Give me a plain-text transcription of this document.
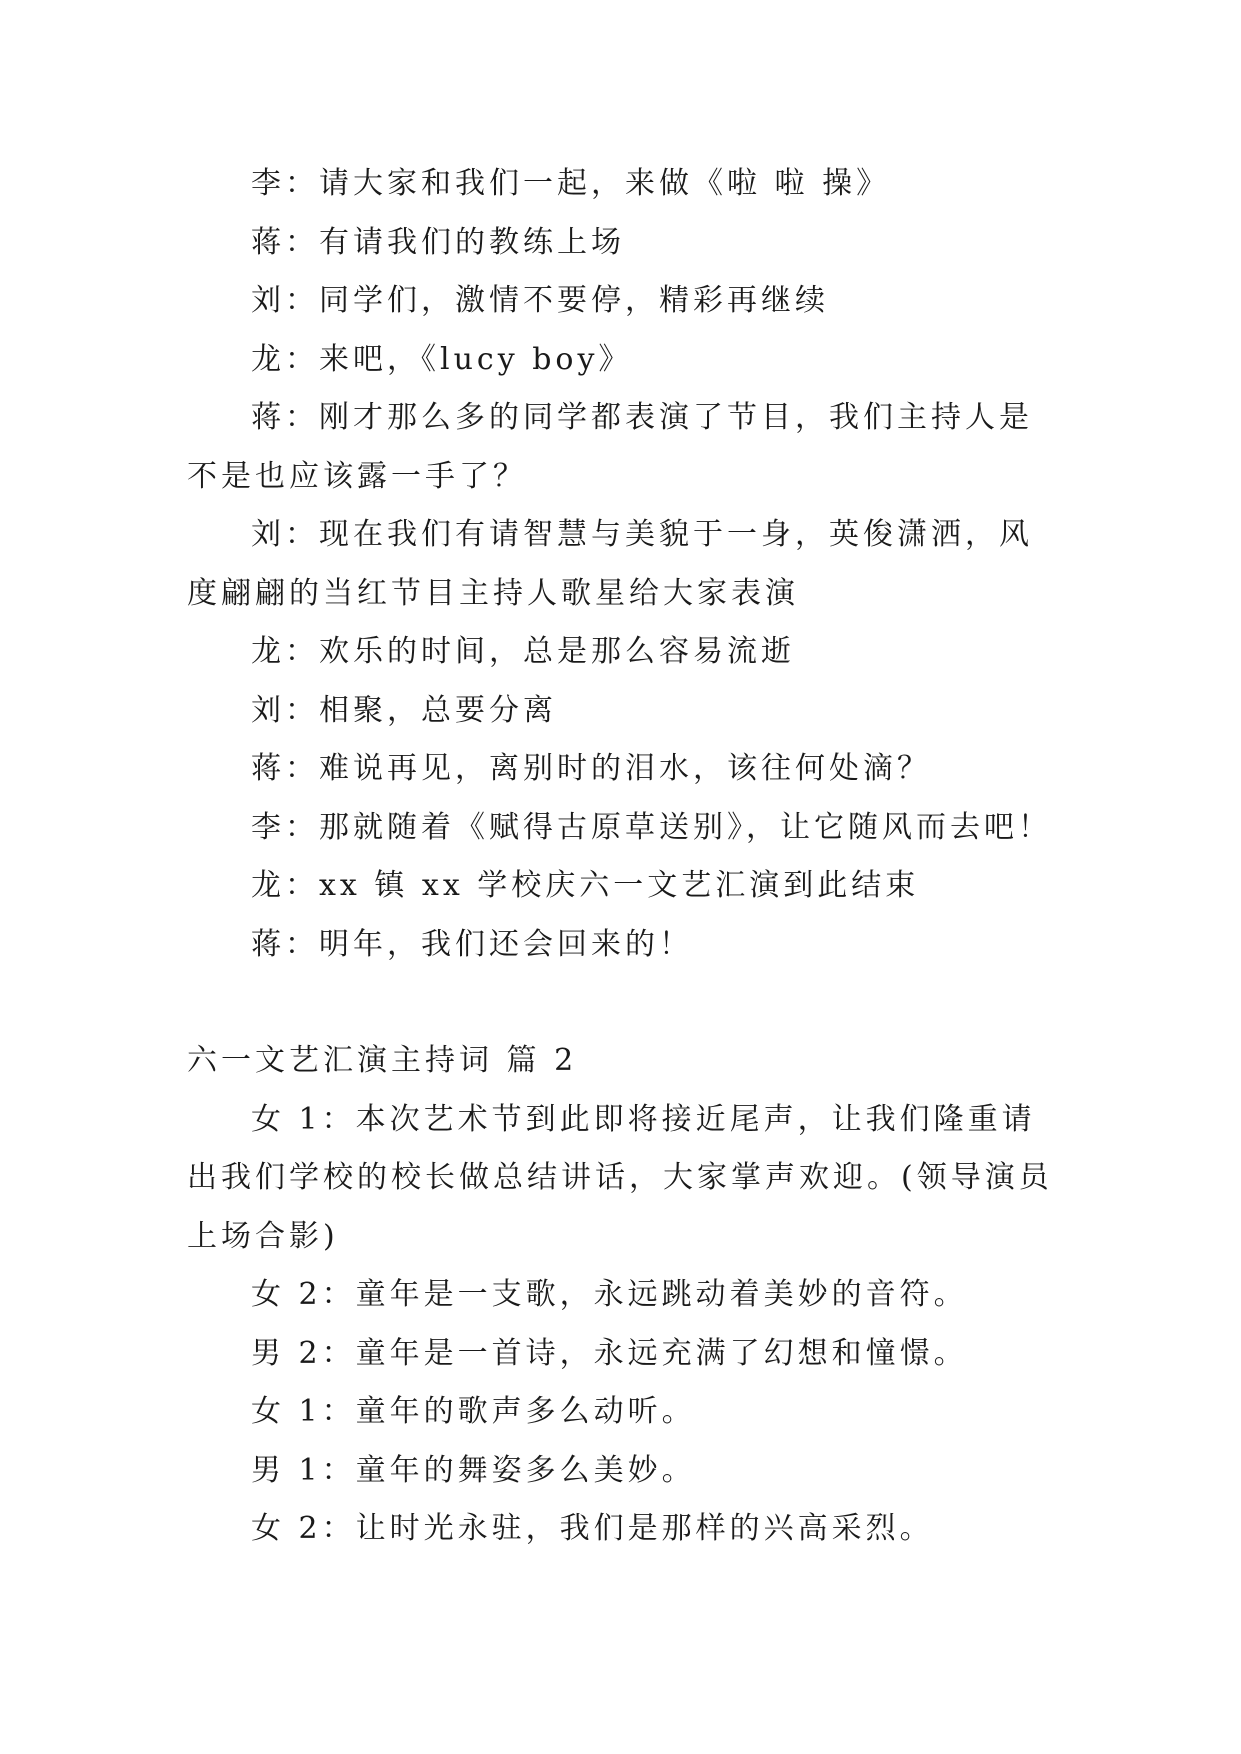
李：请大家和我们一起，来做《啦 啦 操》

蒋：有请我们的教练上场

刘：同学们，激情不要停，精彩再继续

龙：来吧，《lucy boy》

蒋：刚才那么多的同学都表演了节目，我们主持人是不是也应该露一手了？

刘：现在我们有请智慧与美貌于一身，英俊潇洒，风度翩翩的当红节目主持人歌星给大家表演

龙：欢乐的时间，总是那么容易流逝

刘：相聚，总要分离

蒋：难说再见，离别时的泪水，该往何处滴？

李：那就随着《赋得古原草送别》，让它随风而去吧！

龙：xx 镇 xx 学校庆六一文艺汇演到此结束

蒋：明年，我们还会回来的！

六一文艺汇演主持词 篇 2

女 1：本次艺术节到此即将接近尾声，让我们隆重请出我们学校的校长做总结讲话，大家掌声欢迎。(领导演员上场合影)

女 2：童年是一支歌，永远跳动着美妙的音符。

男 2：童年是一首诗，永远充满了幻想和憧憬。

女 1：童年的歌声多么动听。

男 1：童年的舞姿多么美妙。

女 2：让时光永驻，我们是那样的兴高采烈。
